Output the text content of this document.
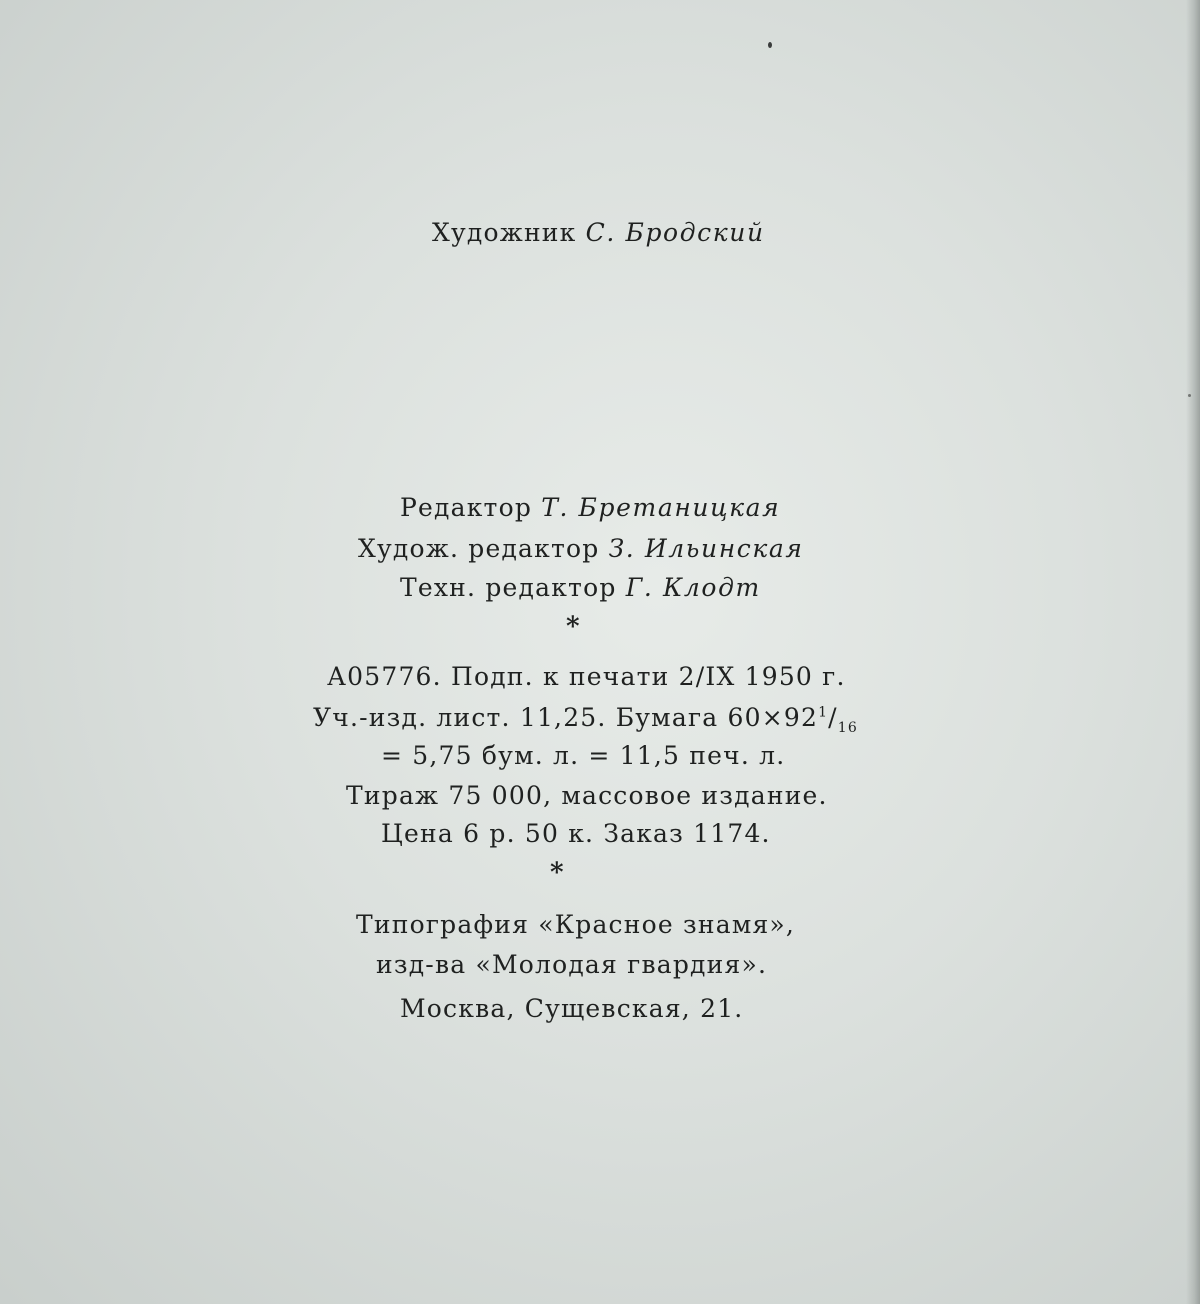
Художник С. Бродский
Редактор Т. Бретаницкая
Худож. редактор З. Ильинская
Техн. редактор Г. Клодт
*
А05776. Подп. к печати 2/IX 1950 г.
Уч.-изд. лист. 11,25. Бумага $60\times 92^1/_{16}$
= 5,75 бум. л. = 11,5 печ. л.
Тираж 75 000, массовое издание.
Цена 6 р. 50 к. Заказ 1174.
*
Типография «Красное знамя»,
изд-ва «Молодая гвардия».
Москва, Сущевская, 21.
